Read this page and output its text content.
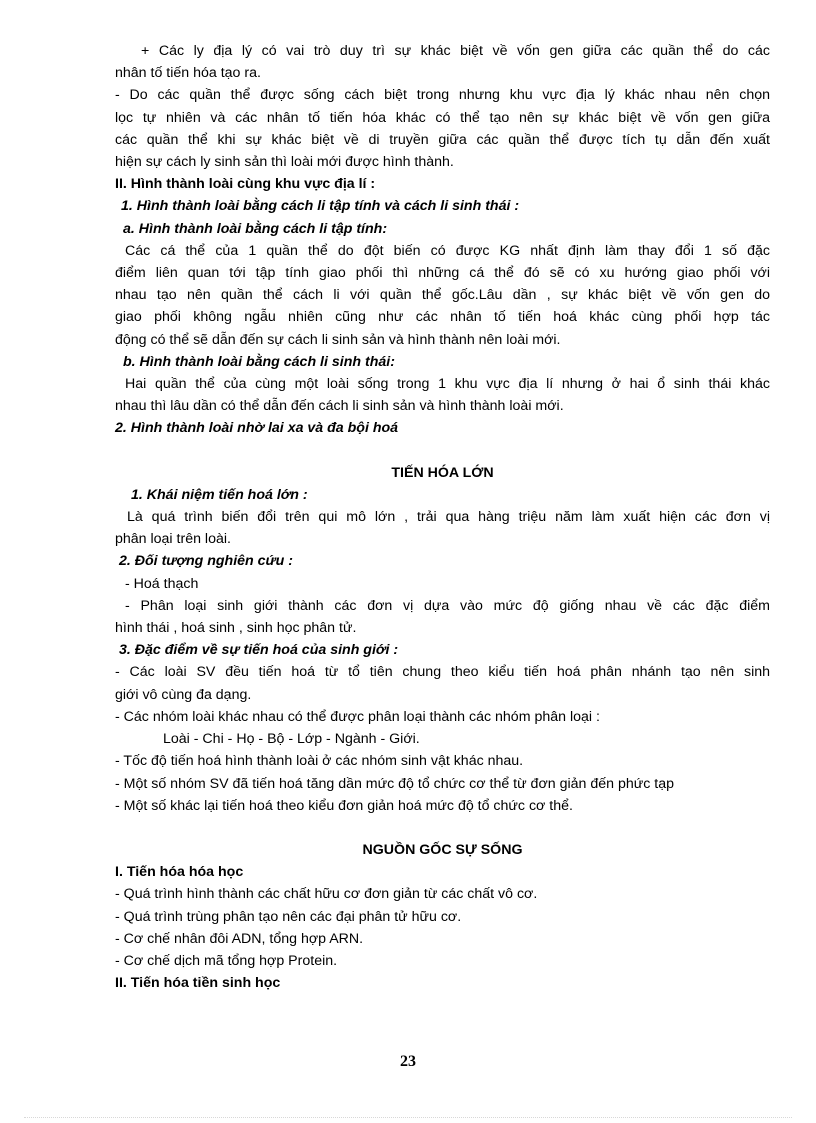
+ Các ly địa lý có vai trò duy trì sự khác biệt về vốn gen giữa các quần thể do các
nhân tố tiến hóa tạo ra.
- Do các quần thể được sống cách biệt trong nhưng khu vực địa lý khác nhau nên chọn
lọc tự nhiên và các nhân tố tiến hóa khác có thể tạo nên sự khác biệt về vốn gen giữa
các quần thể khi sự khác biệt về di truyền giữa các quần thể được tích tụ dẫn đến xuất
hiện sự cách ly sinh sản thì loài mới được hình thành.
II. Hình thành loài cùng khu vực địa lí :
1. Hình thành loài bằng cách li tập tính và cách li sinh thái :
a. Hình thành loài bằng cách li tập tính:
Các cá thể của 1 quần thể do đột biến có được KG nhất định làm thay đổi 1 số đặc
điểm liên quan tới tập tính giao phối thì những cá thể đó sẽ có xu hướng giao phối với
nhau tạo nên quần thể cách li với quần thể gốc.Lâu dần , sự khác biệt về vốn gen do
giao phối không ngẫu nhiên cũng như các nhân tố tiến hoá khác cùng phối hợp tác
động có thể sẽ dẫn đến sự cách li sinh sản và hình thành nên loài mới.
b. Hình thành loài bằng cách li sinh thái:
Hai quần thể của cùng một loài sống trong 1 khu vực địa lí nhưng ở hai ổ sinh thái khác
nhau thì lâu dần có thể dẫn đến cách li sinh sản và hình thành loài mới.
2. Hình thành loài nhờ lai xa và đa bội hoá
TIẾN HÓA LỚN
1. Khái niệm tiến hoá lớn :
Là quá trình biến đổi trên qui mô lớn , trải qua hàng triệu năm làm xuất hiện các đơn vị
phân loại trên loài.
2. Đối tượng nghiên cứu :
- Hoá thạch
- Phân loại sinh giới thành các đơn vị dựa vào mức độ giống nhau về các đặc điểm
hình thái , hoá sinh , sinh học phân tử.
3. Đặc điểm về sự tiến hoá của sinh giới :
- Các loài SV đều tiến hoá từ tổ tiên chung theo kiểu tiến hoá phân nhánh tạo nên sinh
giới vô cùng đa dạng.
- Các nhóm loài khác nhau có thể được phân loại thành các nhóm phân loại :
Loài - Chi - Họ - Bộ - Lớp - Ngành - Giới.
- Tốc độ tiến hoá hình thành loài ở các nhóm sinh vật khác nhau.
- Một số nhóm SV đã tiến hoá tăng dần mức độ tổ chức cơ thể từ đơn giản đến phức tạp
- Một số khác lại tiến hoá theo kiểu đơn giản hoá mức độ tổ chức cơ thể.
NGUỒN GỐC SỰ SỐNG
I. Tiến hóa hóa học
- Quá trình hình thành các chất hữu cơ đơn giản từ các chất vô cơ.
- Quá trình trùng phân tạo nên các đại phân tử hữu cơ.
- Cơ chế nhân đôi ADN, tổng hợp ARN.
- Cơ chế dịch mã tổng hợp Protein.
II. Tiến hóa tiền sinh học
23
